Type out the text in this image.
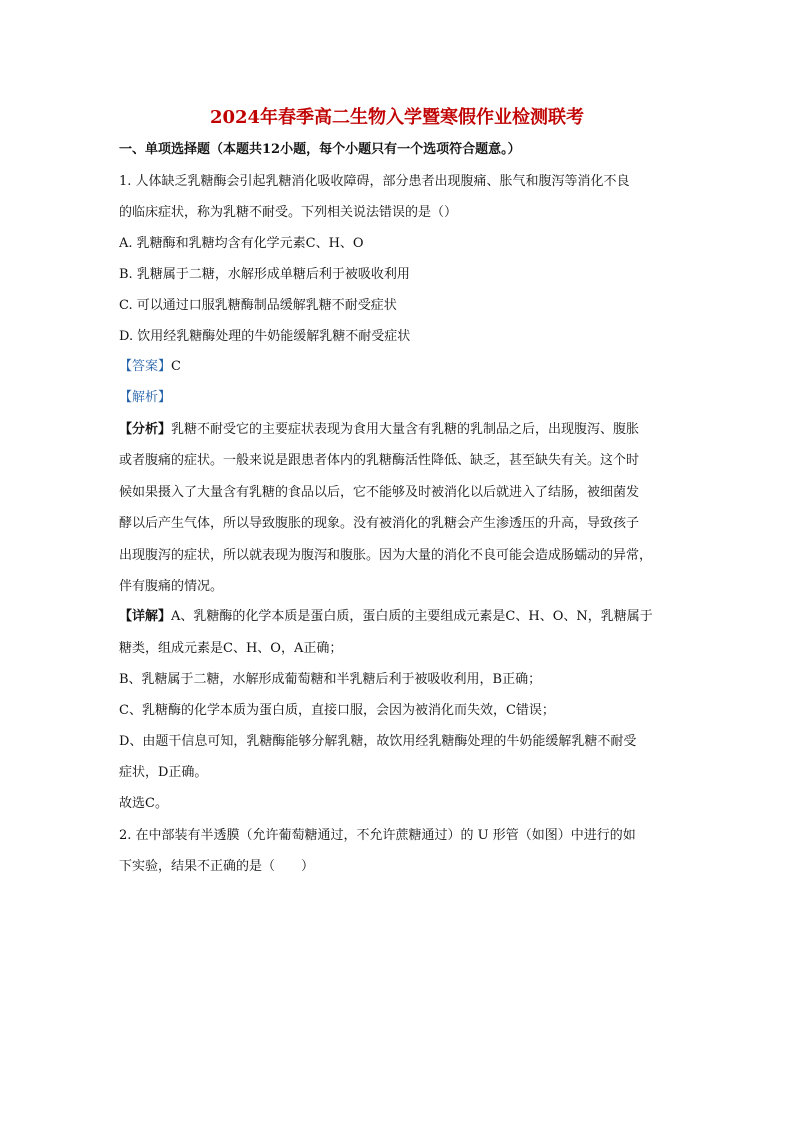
2024年春季高二生物入学暨寒假作业检测联考
一、单项选择题（本题共12小题，每个小题只有一个选项符合题意。）
1. 人体缺乏乳糖酶会引起乳糖消化吸收障碍，部分患者出现腹痛、胀气和腹泻等消化不良
的临床症状，称为乳糖不耐受。下列相关说法错误的是（）
A. 乳糖酶和乳糖均含有化学元素C、H、O
B. 乳糖属于二糖，水解形成单糖后利于被吸收利用
C. 可以通过口服乳糖酶制品缓解乳糖不耐受症状
D. 饮用经乳糖酶处理的牛奶能缓解乳糖不耐受症状
【答案】C
【解析】
【分析】乳糖不耐受它的主要症状表现为食用大量含有乳糖的乳制品之后，出现腹泻、腹胀
或者腹痛的症状。一般来说是跟患者体内的乳糖酶活性降低、缺乏，甚至缺失有关。这个时
候如果摄入了大量含有乳糖的食品以后，它不能够及时被消化以后就进入了结肠，被细菌发
酵以后产生气体，所以导致腹胀的现象。没有被消化的乳糖会产生渗透压的升高，导致孩子
出现腹泻的症状，所以就表现为腹泻和腹胀。因为大量的消化不良可能会造成肠蠕动的异常，
伴有腹痛的情况。
【详解】A、乳糖酶的化学本质是蛋白质，蛋白质的主要组成元素是C、H、O、N，乳糖属于
糖类，组成元素是C、H、O，A正确；
B、乳糖属于二糖，水解形成葡萄糖和半乳糖后利于被吸收利用，B正确；
C、乳糖酶的化学本质为蛋白质，直接口服，会因为被消化而失效，C错误；
D、由题干信息可知，乳糖酶能够分解乳糖，故饮用经乳糖酶处理的牛奶能缓解乳糖不耐受
症状，D正确。
故选C。
2. 在中部装有半透膜（允许葡萄糖通过，不允许蔗糖通过）的 U 形管（如图）中进行的如
下实验，结果不正确的是（　　）
